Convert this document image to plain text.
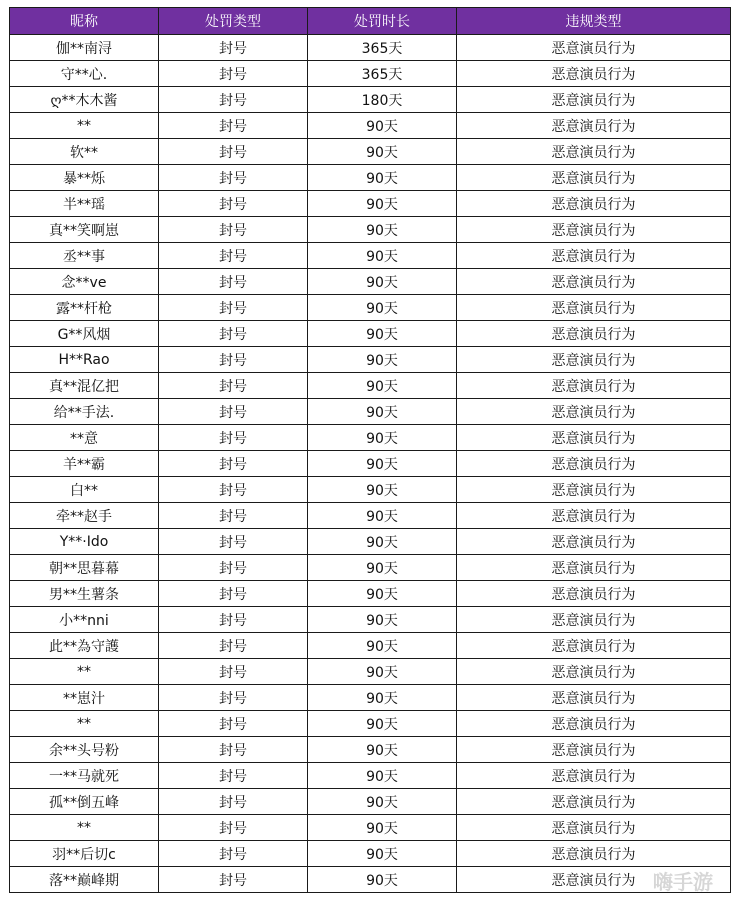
昵称	处罚类型	处罚时长	违规类型
伽**南浔	封号	365天	恶意演员行为
守**心.	封号	365天	恶意演员行为
ღ**木木酱	封号	180天	恶意演员行为
**	封号	90天	恶意演员行为
软**	封号	90天	恶意演员行为
暴**烁	封号	90天	恶意演员行为
半**瑶	封号	90天	恶意演员行为
真**笑啊崽	封号	90天	恶意演员行为
丞**事	封号	90天	恶意演员行为
念**ve	封号	90天	恶意演员行为
露**杆枪	封号	90天	恶意演员行为
G**风烟	封号	90天	恶意演员行为
H**Rao	封号	90天	恶意演员行为
真**混亿把	封号	90天	恶意演员行为
给**手法.	封号	90天	恶意演员行为
**意	封号	90天	恶意演员行为
羊**霸	封号	90天	恶意演员行为
白**	封号	90天	恶意演员行为
牵**赵手	封号	90天	恶意演员行为
Y**·Ido	封号	90天	恶意演员行为
朝**思暮幕	封号	90天	恶意演员行为
男**生薯条	封号	90天	恶意演员行为
小**nni	封号	90天	恶意演员行为
此**為守護	封号	90天	恶意演员行为
**	封号	90天	恶意演员行为
**崽汁	封号	90天	恶意演员行为
**	封号	90天	恶意演员行为
余**头号粉	封号	90天	恶意演员行为
一**马就死	封号	90天	恶意演员行为
孤**倒五峰	封号	90天	恶意演员行为
**	封号	90天	恶意演员行为
羽**后切c	封号	90天	恶意演员行为
落**巅峰期	封号	90天	恶意演员行为 嗨手游
